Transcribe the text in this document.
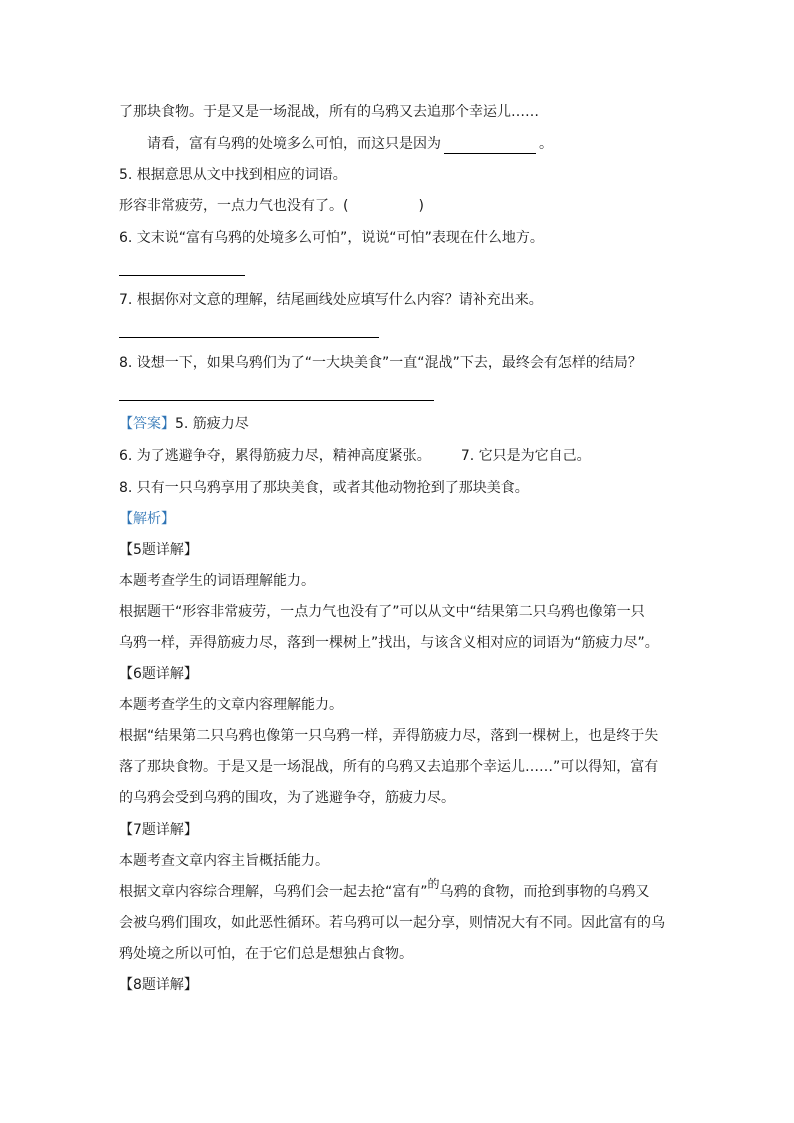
了那块食物。于是又是一场混战，所有的乌鸦又去追那个幸运儿……
请看，富有乌鸦的处境多么可怕，而这只是因为	。
5. 根据意思从文中找到相应的词语。
形容非常疲劳，一点力气也没有了。(　　　　　)
6. 文末说“富有乌鸦的处境多么可怕”，说说“可怕”表现在什么地方。
7. 根据你对文意的理解，结尾画线处应填写什么内容？请补充出来。
8. 设想一下，如果乌鸦们为了“一大块美食”一直“混战”下去，最终会有怎样的结局？
【答案】5. 筋疲力尽
6. 为了逃避争夺，累得筋疲力尽，精神高度紧张。 7. 它只是为它自己。
8. 只有一只乌鸦享用了那块美食，或者其他动物抢到了那块美食。
【解析】
【5题详解】
本题考查学生的词语理解能力。
根据题干“形容非常疲劳，一点力气也没有了”可以从文中“结果第二只乌鸦也像第一只
乌鸦一样，弄得筋疲力尽，落到一棵树上”找出，与该含义相对应的词语为“筋疲力尽”。
【6题详解】
本题考查学生的文章内容理解能力。
根据“结果第二只乌鸦也像第一只乌鸦一样，弄得筋疲力尽，落到一棵树上，也是终于失
落了那块食物。于是又是一场混战，所有的乌鸦又去追那个幸运儿……”可以得知，富有
的乌鸦会受到乌鸦的围攻，为了逃避争夺，筋疲力尽。
【7题详解】
本题考查文章内容主旨概括能力。
根据文章内容综合理解，乌鸦们会一起去抢“富有”的乌鸦的食物，而抢到事物的乌鸦又
会被乌鸦们围攻，如此恶性循环。若乌鸦可以一起分享，则情况大有不同。因此富有的乌
鸦处境之所以可怕，在于它们总是想独占食物。
【8题详解】
